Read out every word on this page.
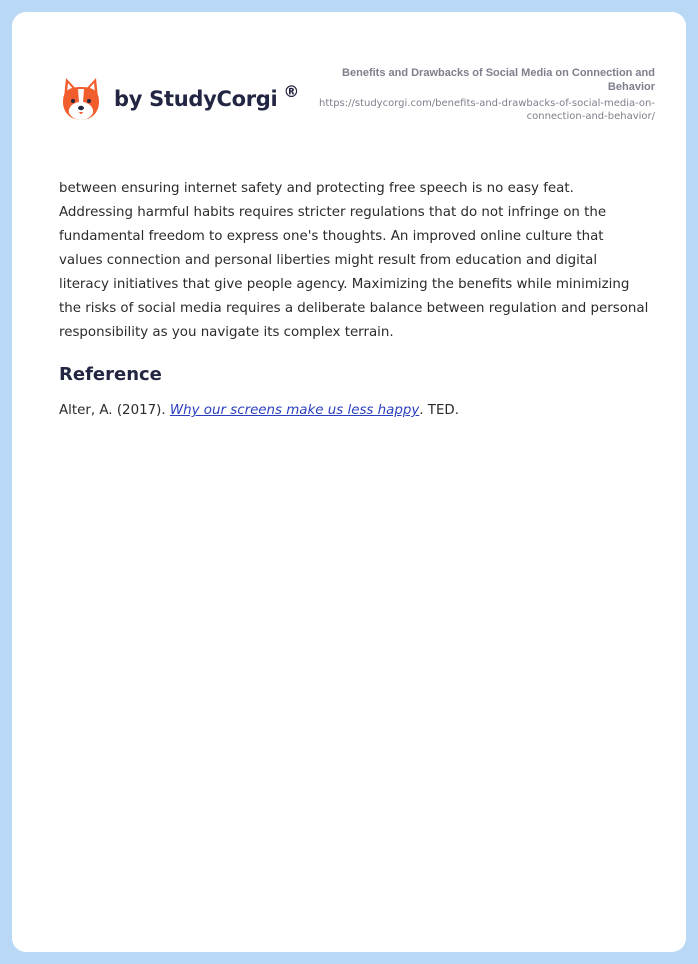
by StudyCorgi ®
Benefits and Drawbacks of Social Media on Connection and Behavior
https://studycorgi.com/benefits-and-drawbacks-of-social-media-on-connection-and-behavior/

between ensuring internet safety and protecting free speech is no easy feat. Addressing harmful habits requires stricter regulations that do not infringe on the fundamental freedom to express one's thoughts. An improved online culture that values connection and personal liberties might result from education and digital literacy initiatives that give people agency. Maximizing the benefits while minimizing the risks of social media requires a deliberate balance between regulation and personal responsibility as you navigate its complex terrain.

Reference

Alter, A. (2017). Why our screens make us less happy. TED.
